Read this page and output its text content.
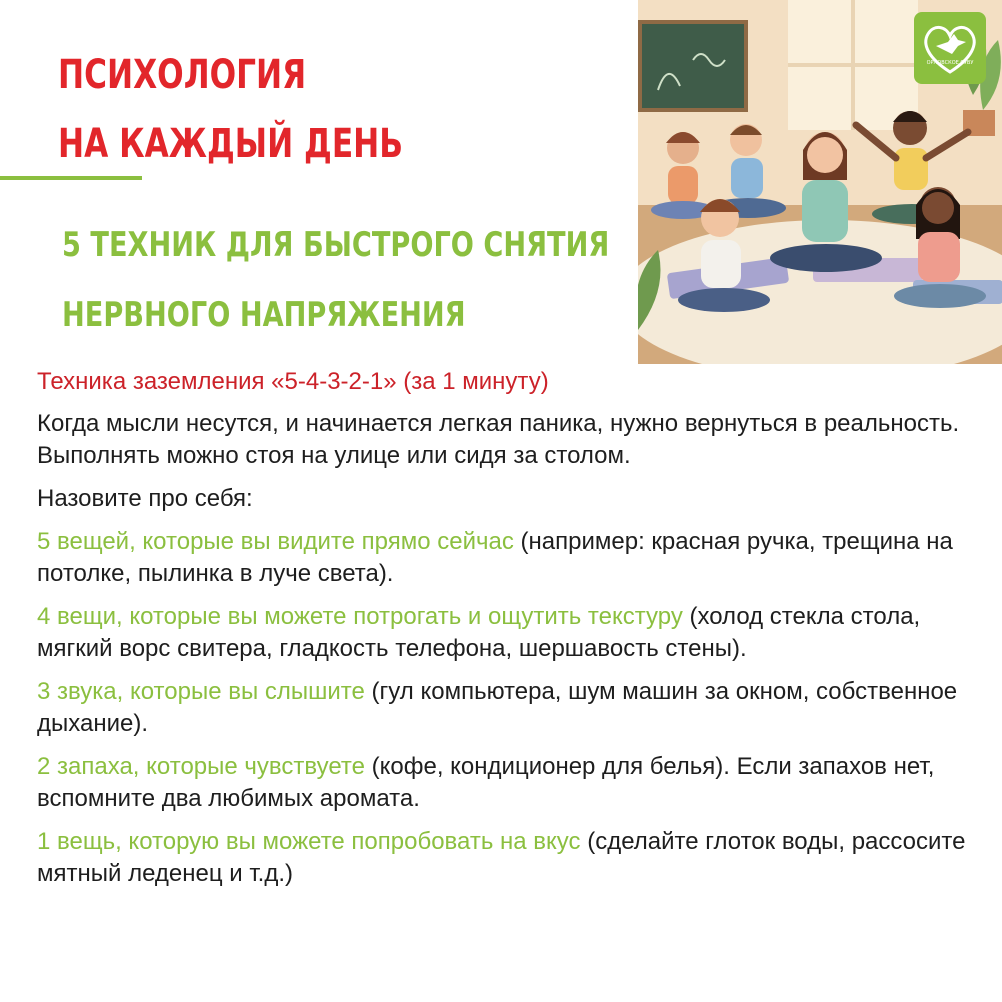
ПСИХОЛОГИЯ
НА КАЖДЫЙ ДЕНЬ
5 ТЕХНИК ДЛЯ БЫСТРОГО СНЯТИЯ
НЕРВНОГО НАПРЯЖЕНИЯ
ОРЛОВСКОЕ СУВУ

Техника заземления «5-4-3-2-1» (за 1 минуту)

Когда мысли несутся, и начинается легкая паника, нужно вернуться в реальность. Выполнять можно стоя на улице или сидя за столом.

Назовите про себя:

5 вещей, которые вы видите прямо сейчас (например: красная ручка, трещина на потолке, пылинка в луче света).

4 вещи, которые вы можете потрогать и ощутить текстуру (холод стекла стола, мягкий ворс свитера, гладкость телефона, шершавость стены).

3 звука, которые вы слышите (гул компьютера, шум машин за окном, собственное дыхание).

2 запаха, которые чувствуете (кофе, кондиционер для белья). Если запахов нет, вспомните два любимых аромата.

1 вещь, которую вы можете попробовать на вкус (сделайте глоток воды, рассосите мятный леденец и т.д.)
